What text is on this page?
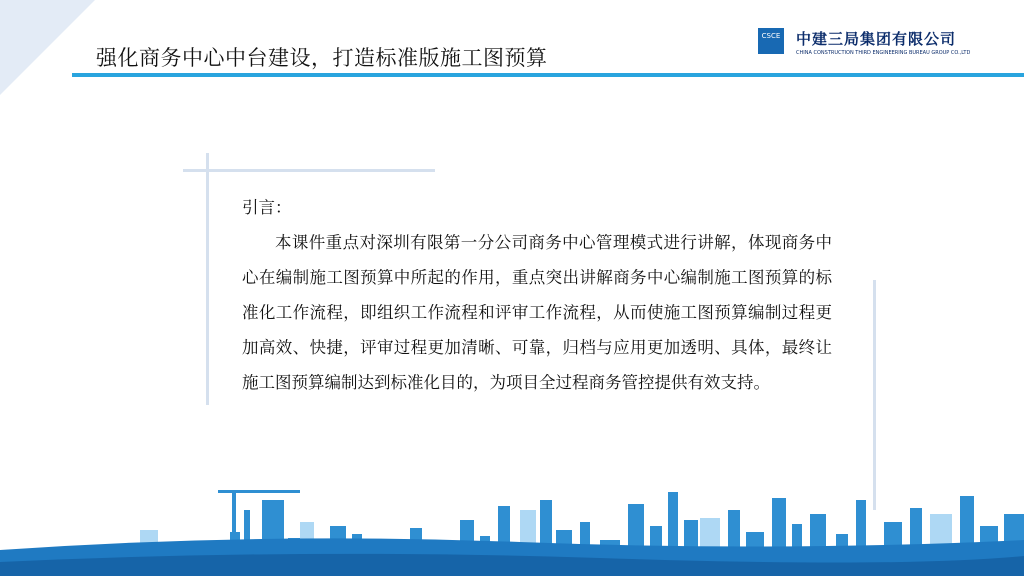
强化商务中心中台建设，打造标准版施工图预算
CSCE 中建三局集团有限公司
CHINA CONSTRUCTION THIRD ENGINEERING BUREAU GROUP CO.,LTD
引言：
本课件重点对深圳有限第一分公司商务中心管理模式进行讲解，体现商务中心在编制施工图预算中所起的作用，重点突出讲解商务中心编制施工图预算的标准化工作流程，即组织工作流程和评审工作流程，从而使施工图预算编制过程更加高效、快捷，评审过程更加清晰、可靠，归档与应用更加透明、具体，最终让施工图预算编制达到标准化目的，为项目全过程商务管控提供有效支持。
